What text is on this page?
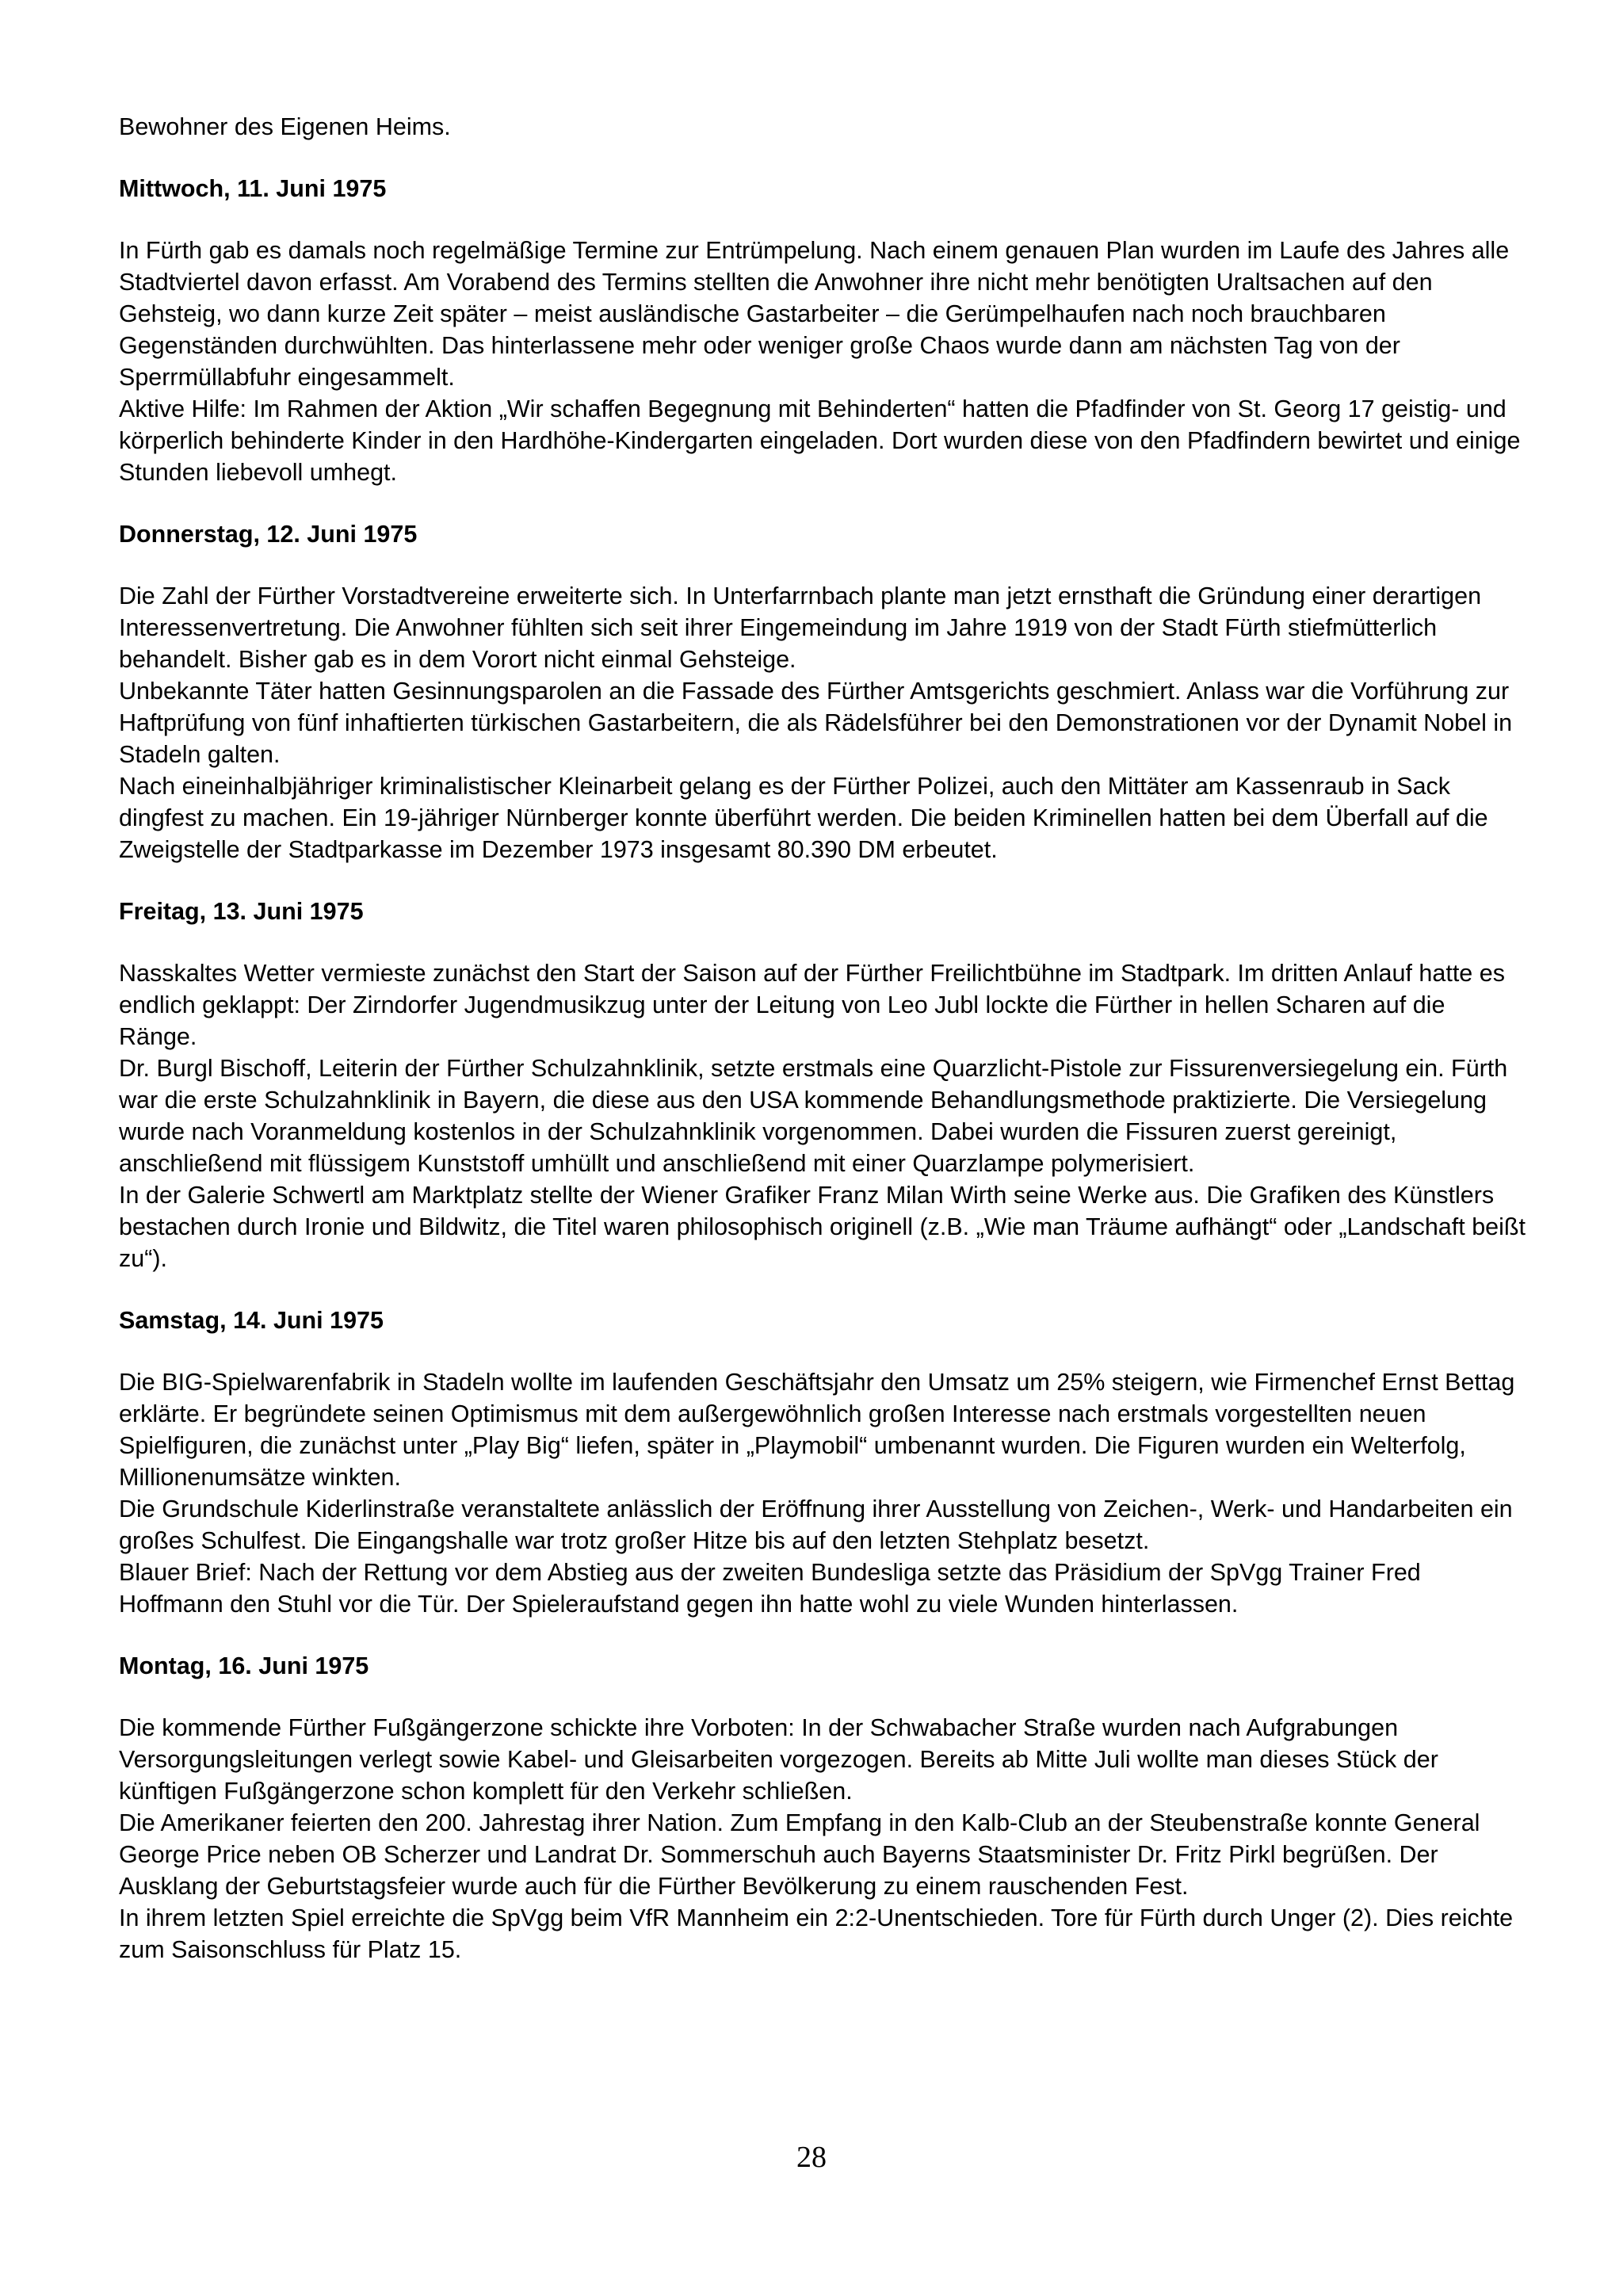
Bewohner des Eigenen Heims.

Mittwoch, 11. Juni 1975

In Fürth gab es damals noch regelmäßige Termine zur Entrümpelung. Nach einem genauen Plan wurden im Laufe des Jahres alle Stadtviertel davon erfasst. Am Vorabend des Termins stellten die Anwohner ihre nicht mehr benötigten Uraltsachen auf den Gehsteig, wo dann kurze Zeit später – meist ausländische Gastarbeiter – die Gerümpelhaufen nach noch brauchbaren Gegenständen durchwühlten. Das hinterlassene mehr oder weniger große Chaos wurde dann am nächsten Tag von der Sperrmüllabfuhr eingesammelt.

Aktive Hilfe: Im Rahmen der Aktion „Wir schaffen Begegnung mit Behinderten“ hatten die Pfadfinder von St. Georg 17 geistig- und körperlich behinderte Kinder in den Hardhöhe-Kindergarten eingeladen. Dort wurden diese von den Pfadfindern bewirtet und einige Stunden liebevoll umhegt.

Donnerstag, 12. Juni 1975

Die Zahl der Fürther Vorstadtvereine erweiterte sich. In Unterfarrnbach plante man jetzt ernsthaft die Gründung einer derartigen Interessenvertretung. Die Anwohner fühlten sich seit ihrer Eingemeindung im Jahre 1919 von der Stadt Fürth stiefmütterlich behandelt. Bisher gab es in dem Vorort nicht einmal Gehsteige.

Unbekannte Täter hatten Gesinnungsparolen an die Fassade des Fürther Amtsgerichts geschmiert. Anlass war die Vorführung zur Haftprüfung von fünf inhaftierten türkischen Gastarbeitern, die als Rädelsführer bei den Demonstrationen vor der Dynamit Nobel in Stadeln galten.

Nach eineinhalbjähriger kriminalistischer Kleinarbeit gelang es der Fürther Polizei, auch den Mittäter am Kassenraub in Sack dingfest zu machen. Ein 19-jähriger Nürnberger konnte überführt werden. Die beiden Kriminellen hatten bei dem Überfall auf die Zweigstelle der Stadtparkasse im Dezember 1973 insgesamt 80.390 DM erbeutet.

Freitag, 13. Juni 1975

Nasskaltes Wetter vermieste zunächst den Start der Saison auf der Fürther Freilichtbühne im Stadtpark. Im dritten Anlauf hatte es endlich geklappt: Der Zirndorfer Jugendmusikzug unter der Leitung von Leo Jubl lockte die Fürther in hellen Scharen auf die Ränge.

Dr. Burgl Bischoff, Leiterin der Fürther Schulzahnklinik, setzte erstmals eine Quarzlicht-Pistole zur Fissurenversiegelung ein. Fürth war die erste Schulzahnklinik in Bayern, die diese aus den USA kommende Behandlungsmethode praktizierte. Die Versiegelung wurde nach Voranmeldung kostenlos in der Schulzahnklinik vorgenommen. Dabei wurden die Fissuren zuerst gereinigt, anschließend mit flüssigem Kunststoff umhüllt und anschließend mit einer Quarzlampe polymerisiert.

In der Galerie Schwertl am Marktplatz stellte der Wiener Grafiker Franz Milan Wirth seine Werke aus. Die Grafiken des Künstlers bestachen durch Ironie und Bildwitz, die Titel waren philosophisch originell (z.B. „Wie man Träume aufhängt“ oder „Landschaft beißt zu“).

Samstag, 14. Juni 1975

Die BIG-Spielwarenfabrik in Stadeln wollte im laufenden Geschäftsjahr den Umsatz um 25% steigern, wie Firmenchef Ernst Bettag erklärte. Er begründete seinen Optimismus mit dem außergewöhnlich großen Interesse nach erstmals vorgestellten neuen Spielfiguren, die zunächst unter „Play Big“ liefen, später in „Playmobil“ umbenannt wurden. Die Figuren wurden ein Welterfolg, Millionenumsätze winkten.

Die Grundschule Kiderlinstraße veranstaltete anlässlich der Eröffnung ihrer Ausstellung von Zeichen-, Werk- und Handarbeiten ein großes Schulfest. Die Eingangshalle war trotz großer Hitze bis auf den letzten Stehplatz besetzt.

Blauer Brief: Nach der Rettung vor dem Abstieg aus der zweiten Bundesliga setzte das Präsidium der SpVgg Trainer Fred Hoffmann den Stuhl vor die Tür. Der Spieleraufstand gegen ihn hatte wohl zu viele Wunden hinterlassen.

Montag, 16. Juni 1975

Die kommende Fürther Fußgängerzone schickte ihre Vorboten: In der Schwabacher Straße wurden nach Aufgrabungen Versorgungsleitungen verlegt sowie Kabel- und Gleisarbeiten vorgezogen. Bereits ab Mitte Juli wollte man dieses Stück der künftigen Fußgängerzone schon komplett für den Verkehr schließen.

Die Amerikaner feierten den 200. Jahrestag ihrer Nation. Zum Empfang in den Kalb-Club an der Steubenstraße konnte General George Price neben OB Scherzer und Landrat Dr. Sommerschuh auch Bayerns Staatsminister Dr. Fritz Pirkl begrüßen. Der Ausklang der Geburtstagsfeier wurde auch für die Fürther Bevölkerung zu einem rauschenden Fest.

In ihrem letzten Spiel erreichte die SpVgg beim VfR Mannheim ein 2:2-Unentschieden. Tore für Fürth durch Unger (2). Dies reichte zum Saisonschluss für Platz 15.

28
